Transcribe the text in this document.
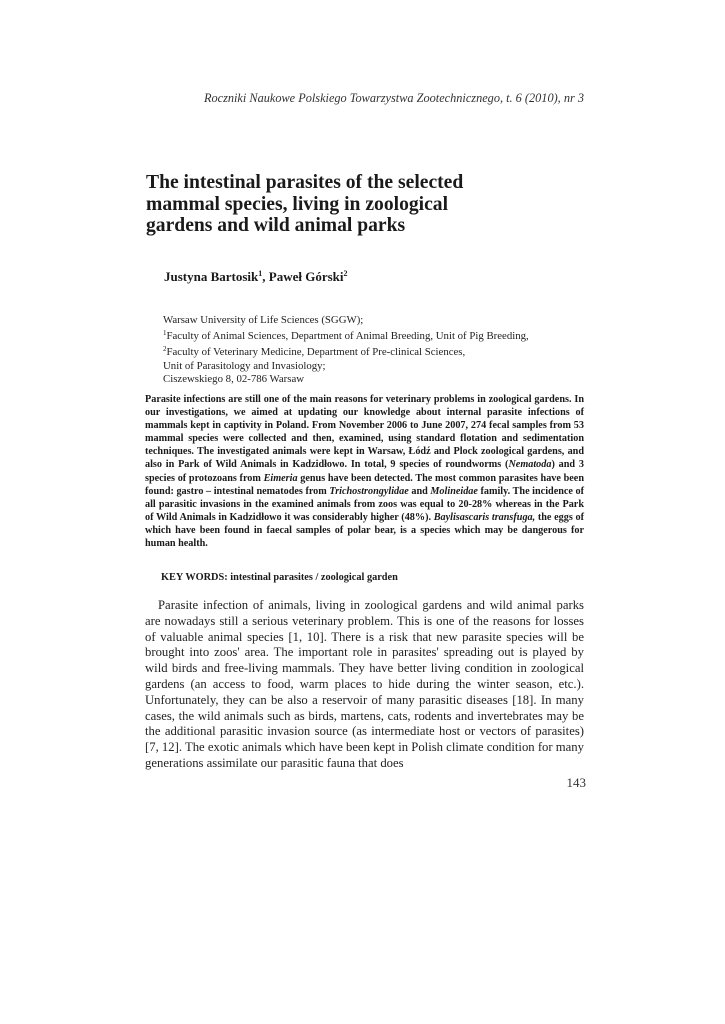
Roczniki Naukowe Polskiego Towarzystwa Zootechnicznego, t. 6 (2010), nr 3
The intestinal parasites of the selected mammal species, living in zoological gardens and wild animal parks
Justyna Bartosik$^1$, Paweł Górski$^2$
Warsaw University of Life Sciences (SGGW);
$^1$Faculty of Animal Sciences, Department of Animal Breeding, Unit of Pig Breeding,
$^2$Faculty of Veterinary Medicine, Department of Pre-clinical Sciences,
Unit of Parasitology and Invasiology;
Ciszewskiego 8, 02-786 Warsaw

Parasite infections are still one of the main reasons for veterinary problems in zoological gardens. In our investigations, we aimed at updating our knowledge about internal parasite infections of mammals kept in captivity in Poland. From November 2006 to June 2007, 274 fecal samples from 53 mammal species were collected and then, examined, using standard flotation and sedimentation techniques. The investigated animals were kept in Warsaw, Łódź and Plock zoological gardens, and also in Park of Wild Animals in Kadzidłowo. In total, 9 species of roundworms (Nematoda) and 3 species of protozoans from Eimeria genus have been detected. The most common parasites have been found: gastro – intestinal nematodes from Trichostrongylidae and Molineidae family. The incidence of all parasitic invasions in the examined animals from zoos was equal to 20-28% whereas in the Park of Wild Animals in Kadzidłowo it was considerably higher (48%). Baylisascaris transfuga, the eggs of which have been found in faecal samples of polar bear, is a species which may be dangerous for human health.

KEY WORDS: intestinal parasites / zoological garden

Parasite infection of animals, living in zoological gardens and wild animal parks are nowadays still a serious veterinary problem. This is one of the reasons for losses of valuable animal species [1, 10]. There is a risk that new parasite species will be brought into zoos' area. The important role in parasites' spreading out is played by wild birds and free-living mammals. They have better living condition in zoological gardens (an access to food, warm places to hide during the winter season, etc.). Unfortunately, they can be also a reservoir of many parasitic diseases [18]. In many cases, the wild animals such as birds, martens, cats, rodents and invertebrates may be the additional parasitic invasion source (as intermediate host or vectors of parasites) [7, 12]. The exotic animals which have been kept in Polish climate condition for many generations assimilate our parasitic fauna that does

143
